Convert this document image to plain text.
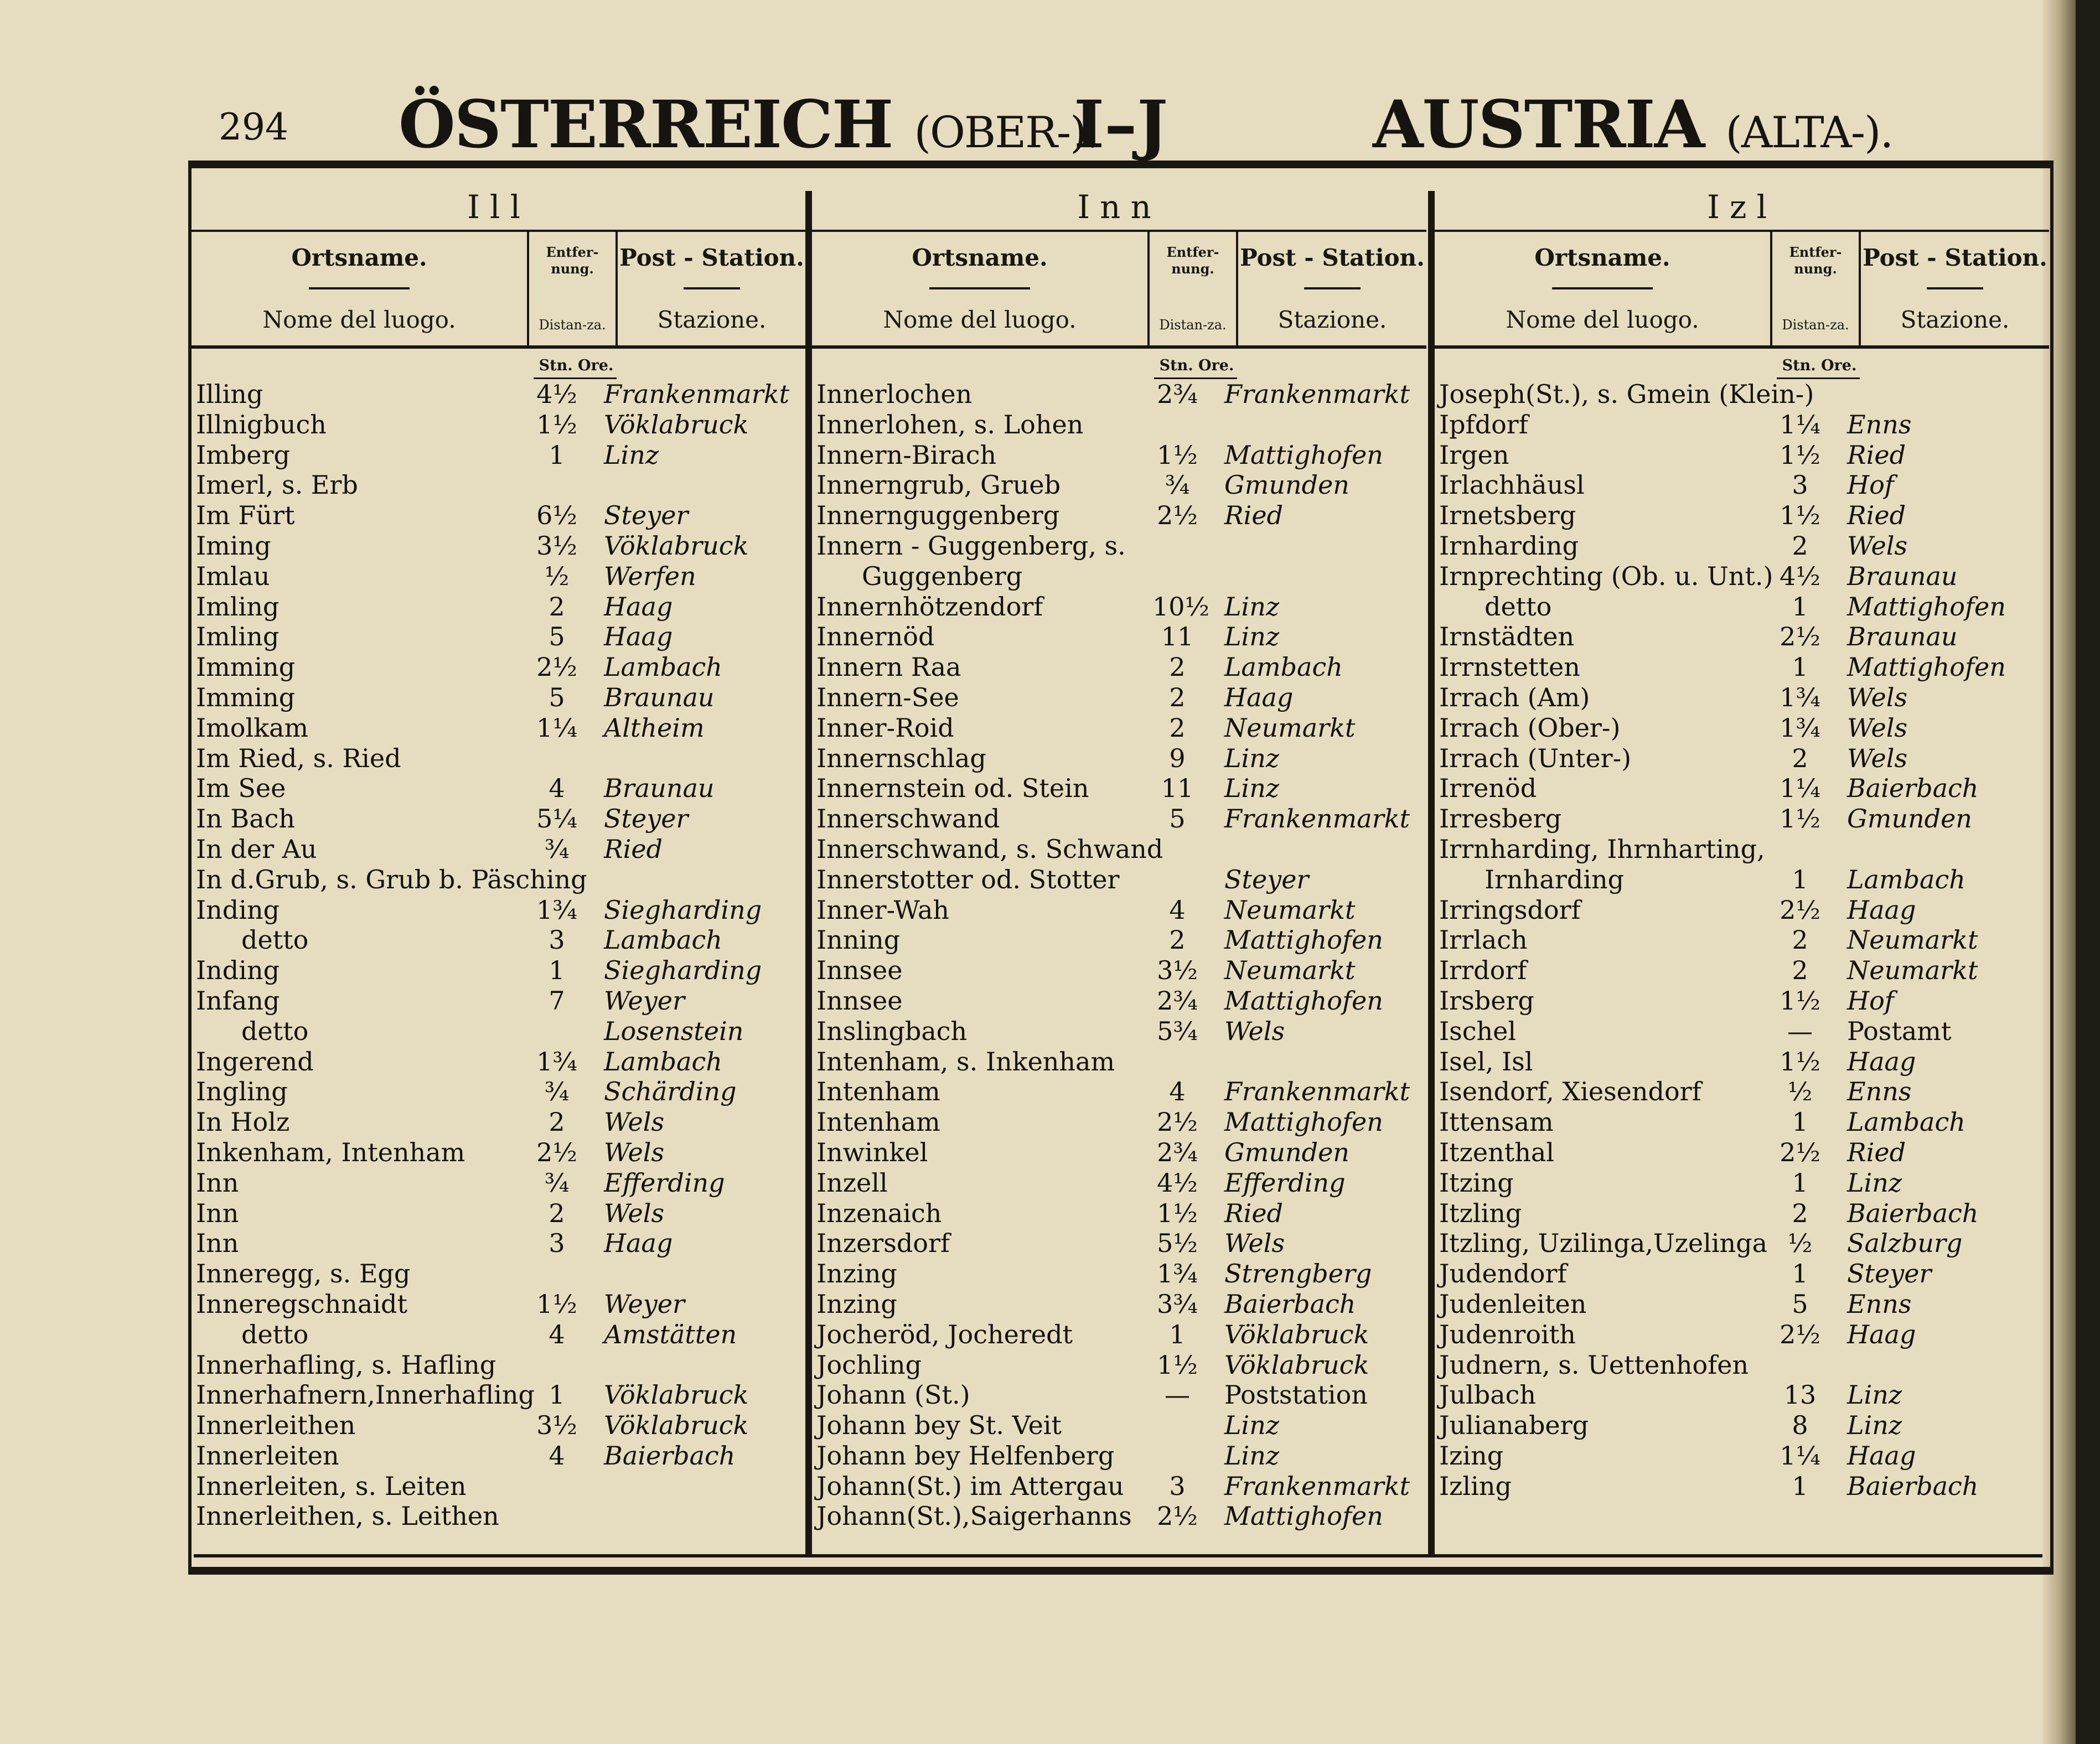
294 ÖSTERREICH (OBER-).
I–J	AUSTRIA (ALTA-).
Ill
Ortsname.
Nome del luogo.
Entfer-nung.
Distan-za.
Post - Station.
Stazione.
Stn. Ore.
Illing	4½ Frankenmarkt
Illnigbuch	1½ Vöklabruck
Imberg	1	Linz
Imerl, s. Erb
Im Fürt	6½ Steyer
Iming	3½ Vöklabruck
Imlau	½	Werfen
Imling	2	Haag
Imling	5	Haag
Imming	2½ Lambach
Imming	5	Braunau
Imolkam	1¼ Altheim
Im Ried, s. Ried
Im See	4	Braunau
In Bach	5¼ Steyer
In der Au	¾	Ried
In d.Grub, s. Grub b. Päsching
Inding	1¾ Siegharding
detto	3	Lambach
Inding	1	Siegharding
Infang	7	Weyer
detto	Losenstein
Ingerend	1¾ Lambach
Ingling	¾	Schärding
In Holz	2	Wels
Inkenham, Intenham	2½ Wels
Inn	¾	Efferding
Inn	2	Wels
Inn	3	Haag
Inneregg, s. Egg
Inneregschnaidt	1½ Weyer
detto	4	Amstätten
Innerhafling, s. Hafling
Innerhafnern,Innerhafling 1	Vöklabruck
Innerleithen	3½ Vöklabruck
Innerleiten	4	Baierbach
Innerleiten, s. Leiten
Innerleithen, s. Leithen
Inn
Ortsname.
Nome del luogo.
Entfer-nung.
Distan-za.
Post - Station.
Stazione.
Stn. Ore.
Innerlochen	2¾ Frankenmarkt
Innerlohen, s. Lohen
Innern-Birach	1½ Mattighofen
Innerngrub, Grueb	¾	Gmunden
Innernguggenberg	2½ Ried
Innern - Guggenberg, s.
Guggenberg
Innernhötzendorf	10½ Linz
Innernöd	11	Linz
Innern Raa	2	Lambach
Innern-See	2	Haag
Inner-Roid	2	Neumarkt
Innernschlag	9	Linz
Innernstein od. Stein	11	Linz
Innerschwand	5	Frankenmarkt
Innerschwand, s. Schwand
Innerstotter od. Stotter	Steyer
Inner-Wah	4	Neumarkt
Inning	2	Mattighofen
Innsee	3½ Neumarkt
Innsee	2¾ Mattighofen
Inslingbach	5¾ Wels
Intenham, s. Inkenham
Intenham	4	Frankenmarkt
Intenham	2½ Mattighofen
Inwinkel	2¾ Gmunden
Inzell	4½ Efferding
Inzenaich	1½ Ried
Inzersdorf	5½ Wels
Inzing	1¾ Strengberg
Inzing	3¾ Baierbach
Jocheröd, Jocheredt	1	Vöklabruck
Jochling	1½ Vöklabruck
Johann (St.)	—	Poststation
Johann bey St. Veit	Linz
Johann bey Helfenberg	Linz
Johann(St.) im Attergau	3	Frankenmarkt
Johann(St.),Saigerhanns 2½ Mattighofen
Izl
Ortsname.
Nome del luogo.
Entfer-nung.
Distan-za.
Post - Station.
Stazione.
Stn. Ore.
Joseph(St.), s. Gmein (Klein-)
Ipfdorf	1¼ Enns
Irgen	1½ Ried
Irlachhäusl	3	Hof
Irnetsberg	1½ Ried
Irnharding	2	Wels
Irnprechting (Ob. u. Unt.) 4½ Braunau
detto	1	Mattighofen
Irnstädten	2½ Braunau
Irrnstetten	1	Mattighofen
Irrach (Am)	1¾ Wels
Irrach (Ober-)	1¾ Wels
Irrach (Unter-)	2	Wels
Irrenöd	1¼ Baierbach
Irresberg	1½ Gmunden
Irrnharding, Ihrnharting,
Irnharding	1	Lambach
Irringsdorf	2½ Haag
Irrlach	2	Neumarkt
Irrdorf	2	Neumarkt
Irsberg	1½ Hof
Ischel	—	Postamt
Isel, Isl	1½ Haag
Isendorf, Xiesendorf	½	Enns
Ittensam	1	Lambach
Itzenthal	2½ Ried
Itzing	1	Linz
Itzling	2	Baierbach
Itzling, Uzilinga,Uzelinga ½	Salzburg
Judendorf	1	Steyer
Judenleiten	5	Enns
Judenroith	2½ Haag
Judnern, s. Uettenhofen
Julbach	13	Linz
Julianaberg	8	Linz
Izing	1¼ Haag
Izling	1	Baierbach
